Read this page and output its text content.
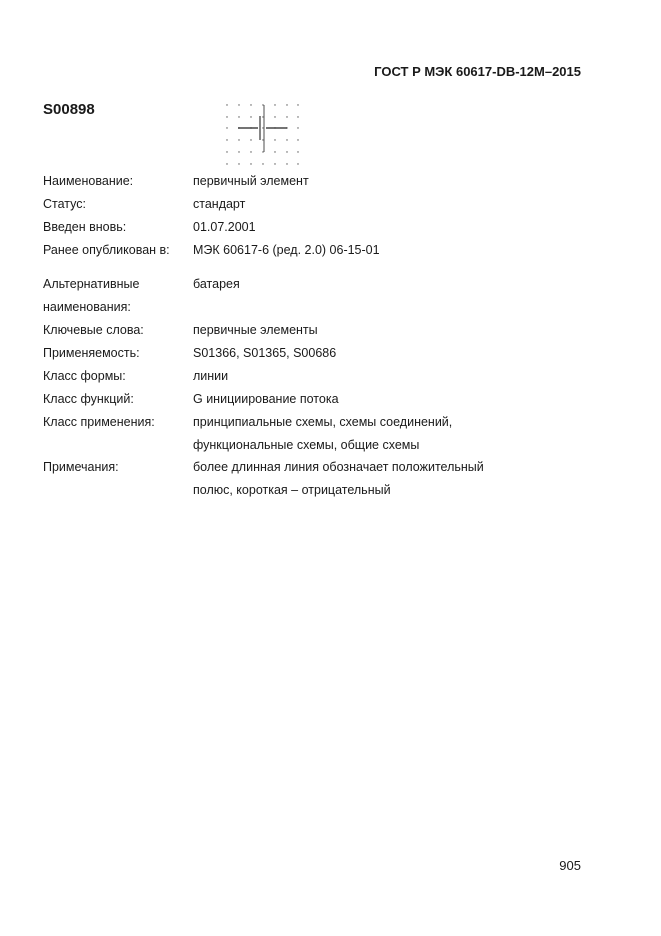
ГОСТ Р МЭК 60617-DB-12М–2015
S00898
Наименование:	первичный элемент
Статус:	стандарт
Введен вновь:	01.07.2001
Ранее опубликован в: МЭК 60617-6 (ред. 2.0) 06-15-01
Альтернативные
наименования:
батарея
Ключевые слова:	первичные элементы
Применяемость:	S01366, S01365, S00686
Класс формы:	линии
Класс функций:	G инициирование потока
Класс применения:	принципиальные схемы, схемы соединений,
функциональные схемы, общие схемы
Примечания:	более длинная линия обозначает положительный
полюс, короткая – отрицательный
905
